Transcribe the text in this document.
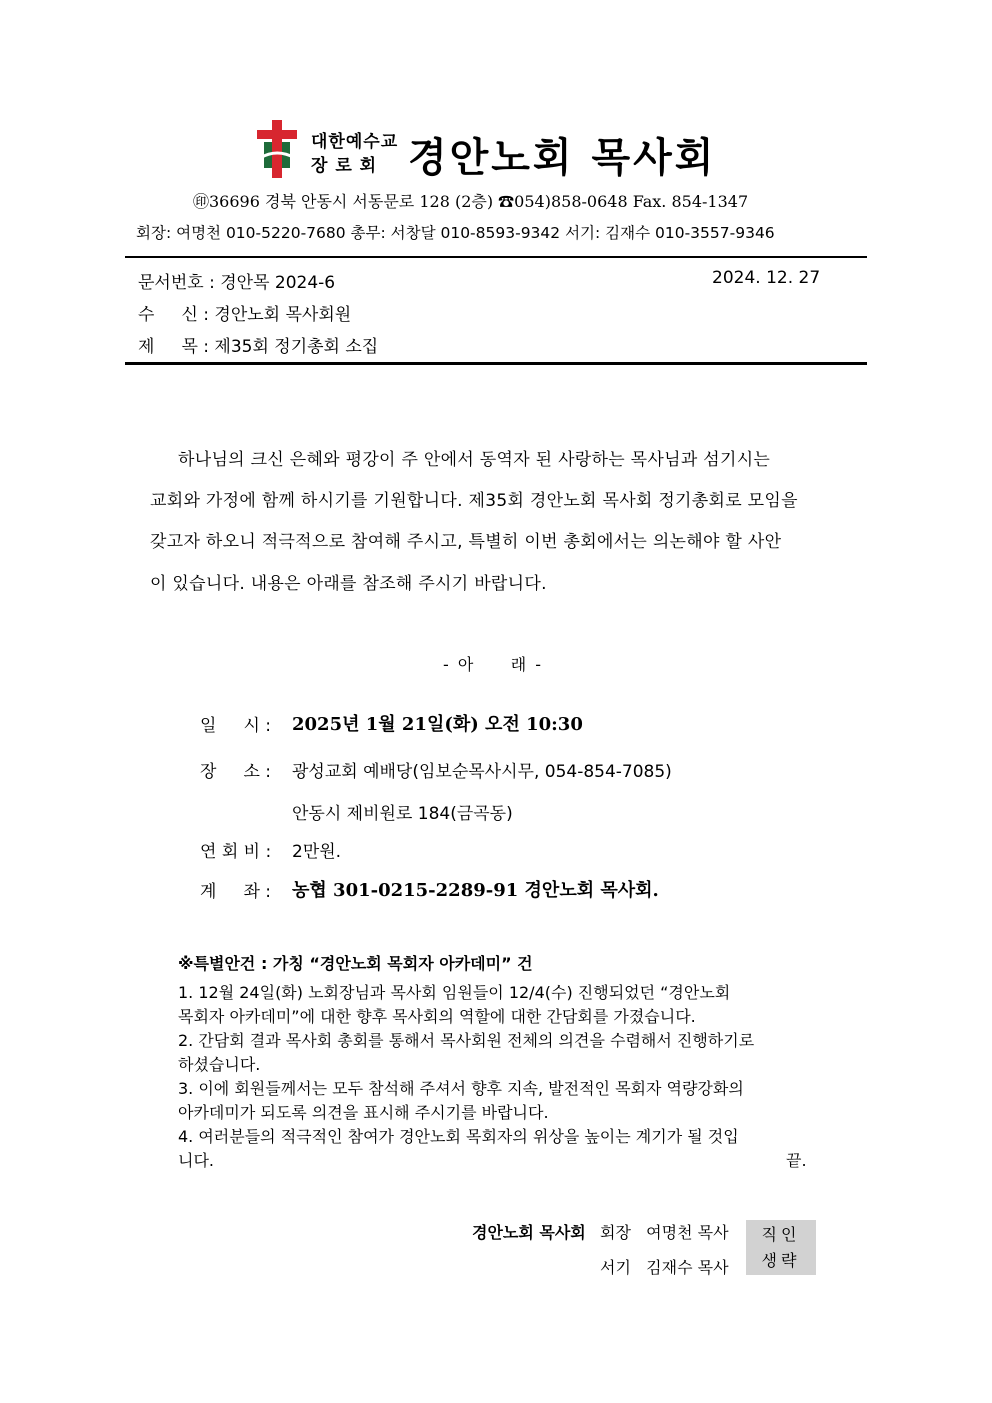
대한예수교
장 로 회 경안노회 목사회
㊞36696 경북 안동시 서동문로 128 (2층) ☎054)858-0648 Fax. 854-1347
회장: 여명천 010-5220-7680 총무: 서창달 010-8593-9342 서기: 김재수 010-3557-9346
문서번호 : 경안목 2024-6	2024. 12. 27
수     신 : 경안노회 목사회원
제     목 : 제35회 정기총회 소집
하나님의 크신 은혜와 평강이 주 안에서 동역자 된 사랑하는 목사님과 섬기시는
교회와 가정에 함께 하시기를 기원합니다. 제35회 경안노회 목사회 정기총회로 모임을
갖고자 하오니 적극적으로 참여해 주시고, 특별히 이번 총회에서는 의논해야 할 사안
이 있습니다. 내용은 아래를 참조해 주시기 바랍니다.
- 아     래 -
일     시 : 2025년 1월 21일(화) 오전 10:30
장     소 : 광성교회 예배당(임보순목사시무, 054-854-7085)
안동시 제비원로 184(금곡동)
연 회 비 : 2만원.
계     좌 : 농협 301-0215-2289-91 경안노회 목사회.
※특별안건 : 가칭 “경안노회 목회자 아카데미” 건
1. 12월 24일(화) 노회장님과 목사회 임원들이 12/4(수) 진행되었던 “경안노회
목회자 아카데미”에 대한 향후 목사회의 역할에 대한 간담회를 가졌습니다.
2. 간담회 결과 목사회 총회를 통해서 목사회원 전체의 의견을 수렴해서 진행하기로
하셨습니다.
3. 이에 회원들께서는 모두 참석해 주셔서 향후 지속, 발전적인 목회자 역량강화의
아카데미가 되도록 의견을 표시해 주시기를 바랍니다.
4. 여러분들의 적극적인 참여가 경안노회 목회자의 위상을 높이는 계기가 될 것입
니다.	끝.
경안노회 목사회 회장   여명천 목사
서기   김재수 목사
직인
생략
